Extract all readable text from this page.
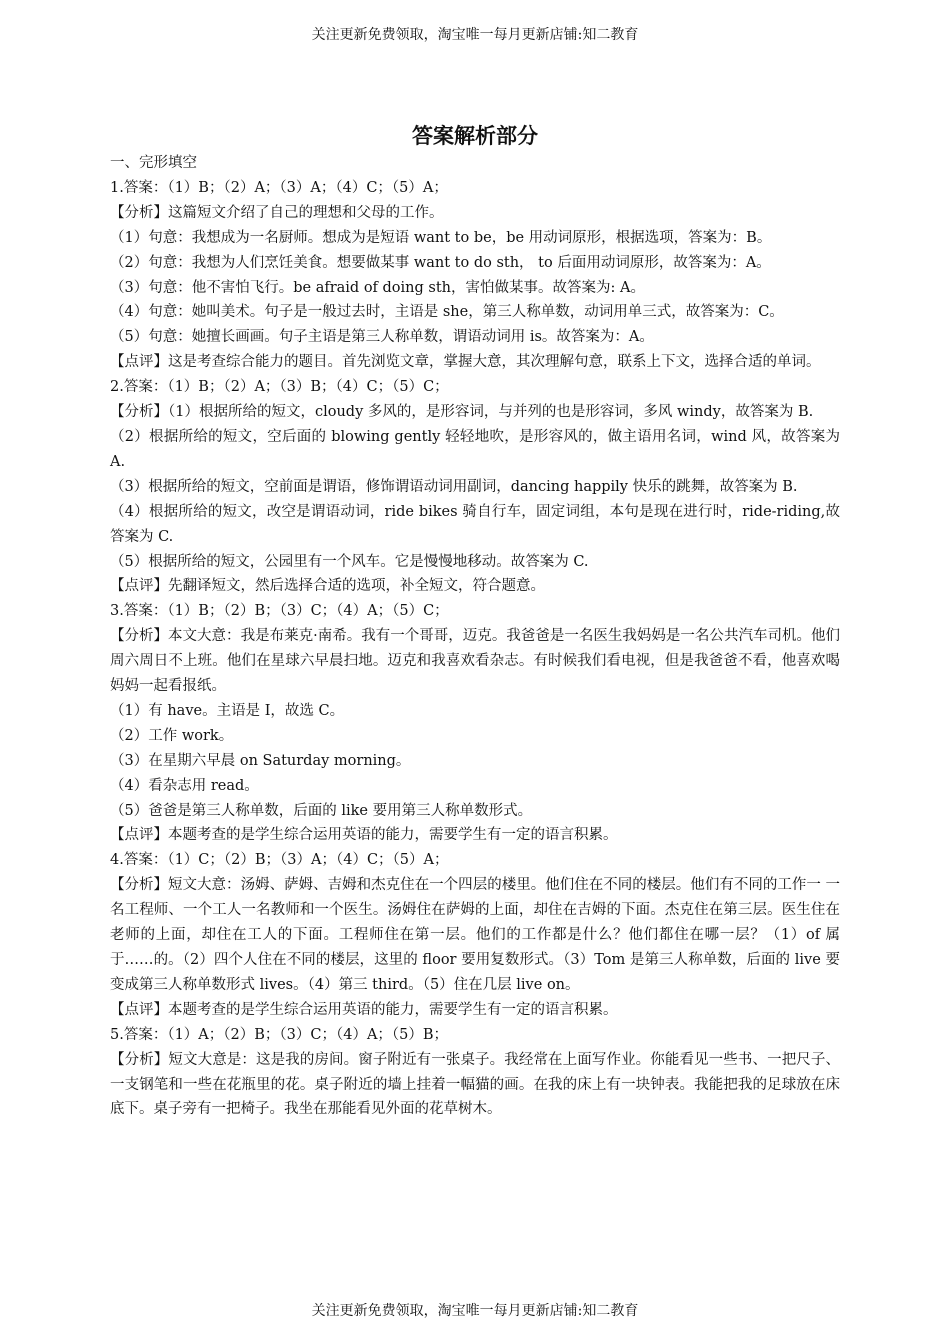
关注更新免费领取，淘宝唯一每月更新店铺:知二教育
答案解析部分

一、完形填空

1.答案：（1）B；（2）A；（3）A；（4）C；（5）A；

【分析】这篇短文介绍了自己的理想和父母的工作。

（1）句意：我想成为一名厨师。想成为是短语 want to be，be 用动词原形，根据选项，答案为：B。

（2）句意：我想为人们烹饪美食。想要做某事 want to do sth， to 后面用动词原形，故答案为：A。

（3）句意：他不害怕飞行。be afraid of doing sth，害怕做某事。故答案为: A。

（4）句意：她叫美术。句子是一般过去时，主语是 she，第三人称单数，动词用单三式，故答案为：C。

（5）句意：她擅长画画。句子主语是第三人称单数，谓语动词用 is。故答案为：A。

【点评】这是考查综合能力的题目。首先浏览文章，掌握大意，其次理解句意，联系上下文，选择合适的单词。

2.答案：（1）B；（2）A；（3）B；（4）C；（5）C；

【分析】（1）根据所给的短文，cloudy 多风的，是形容词，与并列的也是形容词，多风 windy，故答案为 B.

（2）根据所给的短文，空后面的 blowing gently 轻轻地吹，是形容风的，做主语用名词，wind 风，故答案为 A.

（3）根据所给的短文，空前面是谓语，修饰谓语动词用副词，dancing happily 快乐的跳舞，故答案为 B.

（4）根据所给的短文，改空是谓语动词，ride bikes 骑自行车，固定词组，本句是现在进行时，ride-riding,故答案为 C.

（5）根据所给的短文，公园里有一个风车。它是慢慢地移动。故答案为 C.

【点评】先翻译短文，然后选择合适的选项，补全短文，符合题意。

3.答案：（1）B；（2）B；（3）C；（4）A；（5）C；

【分析】本文大意：我是布莱克·南希。我有一个哥哥，迈克。我爸爸是一名医生我妈妈是一名公共汽车司机。他们周六周日不上班。他们在星球六早晨扫地。迈克和我喜欢看杂志。有时候我们看电视，但是我爸爸不看，他喜欢喝妈妈一起看报纸。

（1）有 have。主语是 I，故选 C。

（2）工作 work。

（3）在星期六早晨 on Saturday morning。

（4）看杂志用 read。

（5）爸爸是第三人称单数，后面的 like 要用第三人称单数形式。

【点评】本题考查的是学生综合运用英语的能力，需要学生有一定的语言积累。

4.答案：（1）C；（2）B；（3）A；（4）C；（5）A；

【分析】短文大意：汤姆、萨姆、吉姆和杰克住在一个四层的楼里。他们住在不同的楼层。他们有不同的工作一 一名工程师、一个工人一名教师和一个医生。汤姆住在萨姆的上面，却住在吉姆的下面。杰克住在第三层。医生住在老师的上面，却住在工人的下面。工程师住在第一层。他们的工作都是什么？他们都住在哪一层？（1）of 属于……的。（2）四个人住在不同的楼层，这里的 floor 要用复数形式。（3）Tom 是第三人称单数，后面的 live 要变成第三人称单数形式 lives。（4）第三 third。（5）住在几层 live on。

【点评】本题考查的是学生综合运用英语的能力，需要学生有一定的语言积累。

5.答案：（1）A；（2）B；（3）C；（4）A；（5）B；

【分析】短文大意是：这是我的房间。窗子附近有一张桌子。我经常在上面写作业。你能看见一些书、一把尺子、一支钢笔和一些在花瓶里的花。桌子附近的墙上挂着一幅猫的画。在我的床上有一块钟表。我能把我的足球放在床底下。桌子旁有一把椅子。我坐在那能看见外面的花草树木。

关注更新免费领取，淘宝唯一每月更新店铺:知二教育
